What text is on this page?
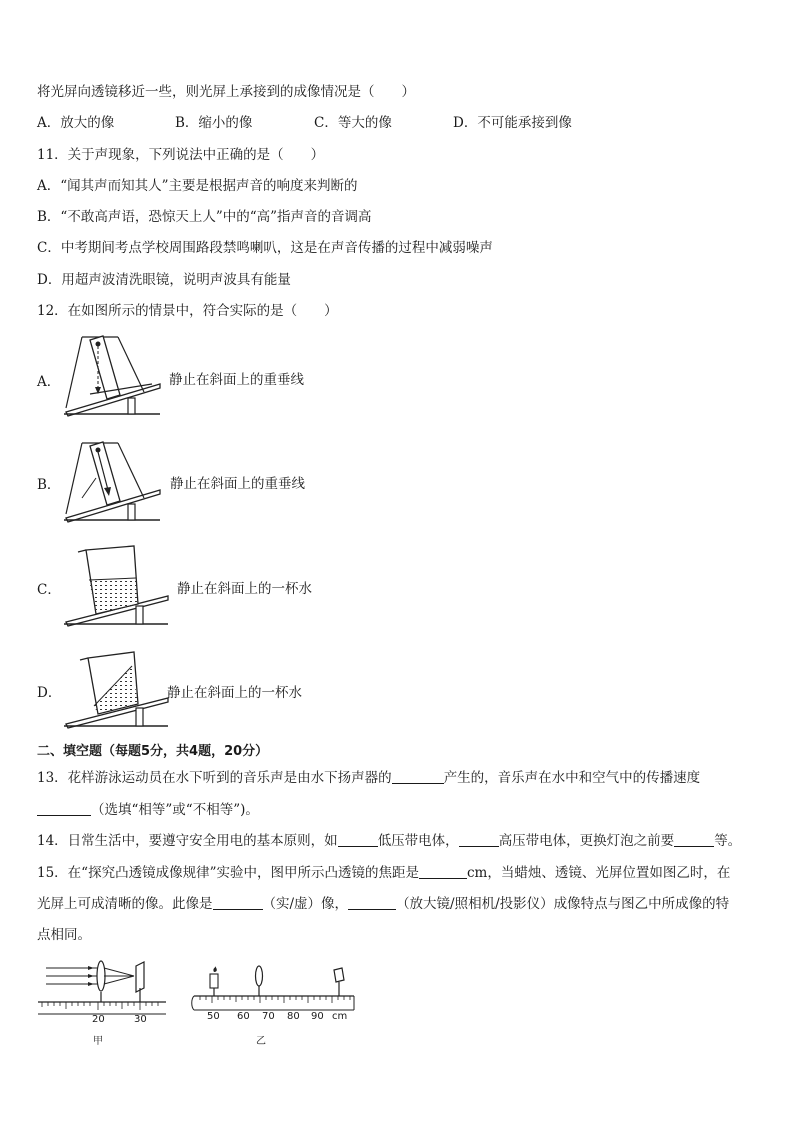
将光屏向透镜移近一些，则光屏上承接到的成像情况是（　　）
A．放大的像	B．缩小的像	C．等大的像	D．不可能承接到像
11．关于声现象，下列说法中正确的是（　　）
A．“闻其声而知其人”主要是根据声音的响度来判断的
B．“不敢高声语，恐惊天上人”中的“高”指声音的音调高
C．中考期间考点学校周围路段禁鸣喇叭，这是在声音传播的过程中减弱噪声
D．用超声波清洗眼镜，说明声波具有能量
12．在如图所示的情景中，符合实际的是（　　）
A．	静止在斜面上的重垂线
B．	静止在斜面上的重垂线
C．	静止在斜面上的一杯水
D．	静止在斜面上的一杯水
二、填空题（每题5分，共4题，20分）
13．花样游泳运动员在水下听到的音乐声是由水下扬声器的	产生的，音乐声在水中和空气中的传播速度
（选填“相等”或“不相等”)。
14．日常生活中，要遵守安全用电的基本原则，如	低压带电体，	高压带电体，更换灯泡之前要	等。
15．在“探究凸透镜成像规律”实验中，图甲所示凸透镜的焦距是	cm，当蜡烛、透镜、光屏位置如图乙时，在
光屏上可成清晰的像。此像是	（实/虚）像，	（放大镜/照相机/投影仪）成像特点与图乙中所成像的特
点相同。
20	30
甲
50 60 70 80 90 cm
乙
